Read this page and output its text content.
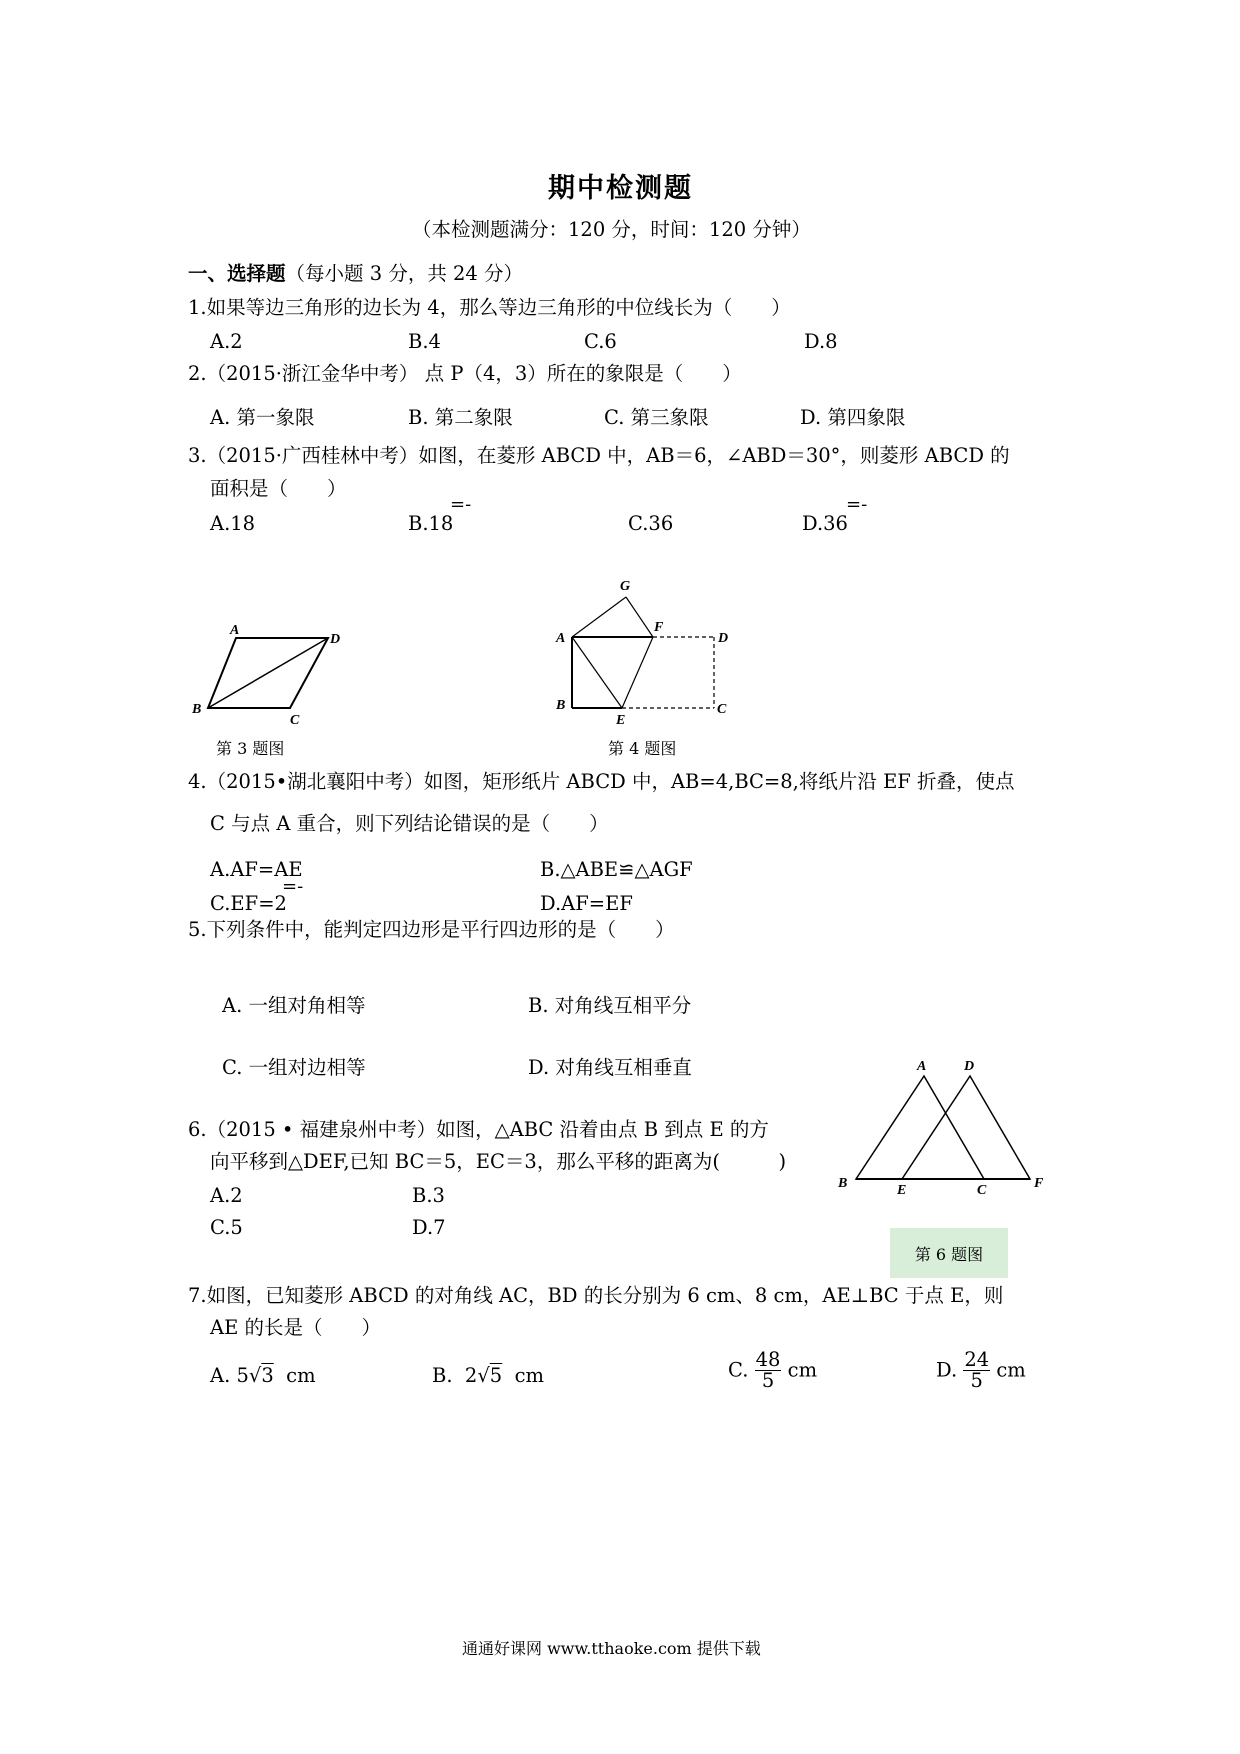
期中检测题
（本检测题满分：120 分，时间：120 分钟）
一、选择题（每小题 3 分，共 24 分）
1.如果等边三角形的边长为 4，那么等边三角形的中位线长为（　　）
A.2	B.4	C.6	D.8
2.（2015·浙江金华中考） 点 P（4，3）所在的象限是（　　）
A. 第一象限	B. 第二象限	C. 第三象限	D. 第四象限
3.（2015·广西桂林中考）如图，在菱形 ABCD 中，AB＝6，∠ABD＝30°，则菱形 ABCD 的
面积是（　　）
A.18	B.18
=-
C.36	D.36
=-
A
D
B
C
第 3 题图
G
A
F
D
B
E
C
第 4 题图
4.（2015•湖北襄阳中考）如图，矩形纸片 ABCD 中，AB=4,BC=8,将纸片沿 EF 折叠，使点
C 与点 A 重合，则下列结论错误的是（　　）
A.AF=AE	B.△ABE≌△AGF
C.EF=2
=-
D.AF=EF
5.下列条件中，能判定四边形是平行四边形的是（　　）
A. 一组对角相等	B. 对角线互相平分
C. 一组对边相等	D. 对角线互相垂直	A	D
B	E	C	F
第 6 题图
6.（2015 • 福建泉州中考）如图，△ABC 沿着由点 B 到点 E 的方
向平移到△DEF,已知 BC＝5，EC＝3，那么平移的距离为(　　　)
A.2	B.3
C.5	D.7
7.如图，已知菱形 ABCD 的对角线 AC，BD 的长分别为 6 cm、8 cm，AE⊥BC 于点 E，则
AE 的长是（　　）
A. 5√3 cm	B.  2√5 cm	C. $\frac{48}{5}$ cm	D. $\frac{24}{5}$ cm
通通好课网 www.tthaoke.com 提供下载
